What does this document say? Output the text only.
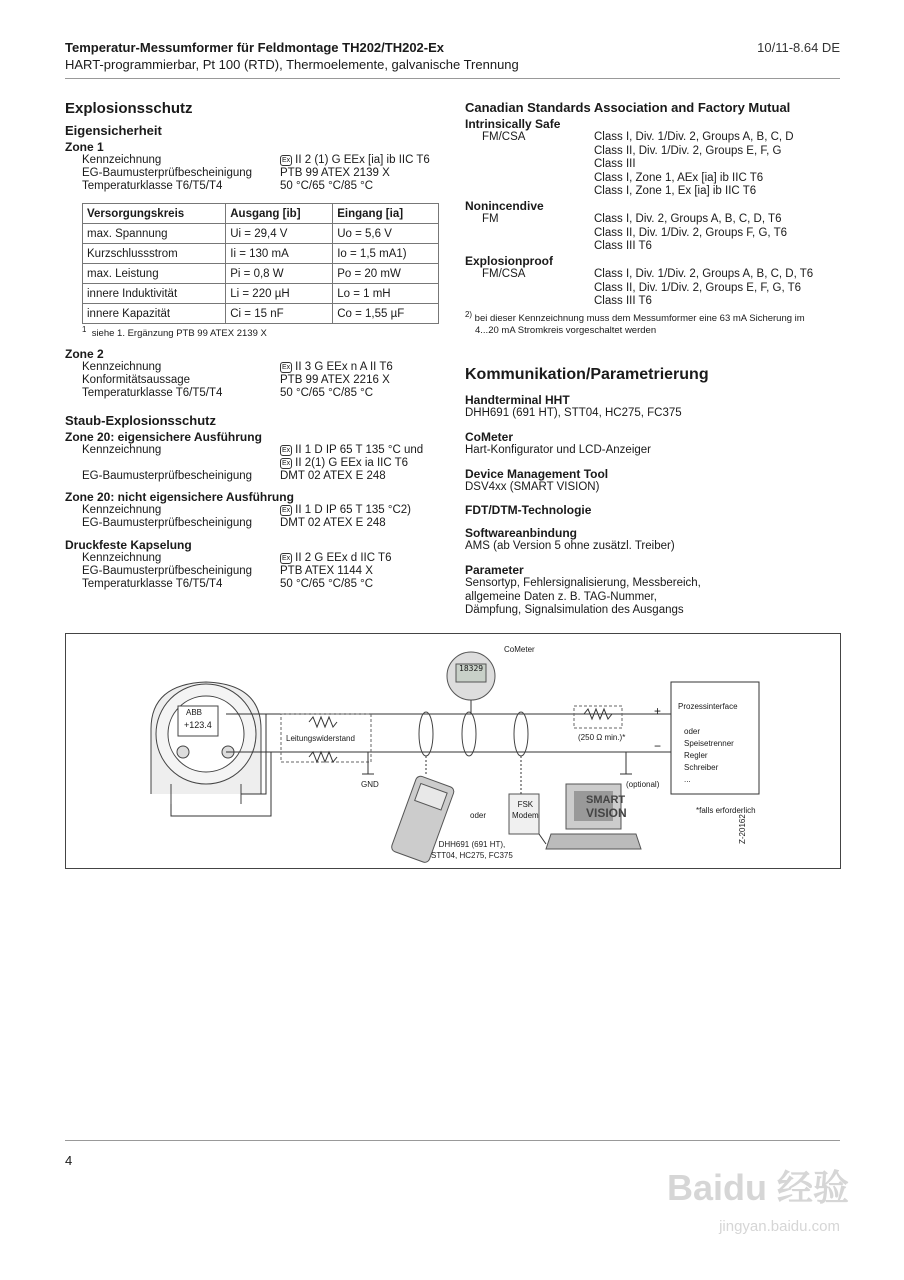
Temperatur-Messumformer für Feldmontage TH202/TH202-Ex
HART-programmierbar, Pt 100 (RTD), Thermoelemente, galvanische Trennung
10/11-8.64 DE
Explosionsschutz
Eigensicherheit
Zone 1
Kennzeichnung	Ex II 2 (1) G EEx [ia] ib IIC T6
EG-Baumusterprüfbescheinigung PTB 99 ATEX 2139 X
Temperaturklasse T6/T5/T4	50 °C/65 °C/85 °C
Versorgungskreis	Ausgang [ib]	Eingang [ia]
max. Spannung	Ui = 29,4 V	Uo = 5,6 V
Kurzschlussstrom	Ii = 130 mA	Io = 1,5 mA1)
max. Leistung	Pi = 0,8 W	Po = 20 mW
innere Induktivität	Li = 220 µH	Lo = 1 mH
innere Kapazität	Ci = 15 nF	Co = 1,55 µF
$^1$ siehe 1. Ergänzung PTB 99 ATEX 2139 X
Zone 2
Kennzeichnung	Ex II 3 G EEx n A II T6
Konformitätsaussage	PTB 99 ATEX 2216 X
Temperaturklasse T6/T5/T4	50 °C/65 °C/85 °C
Staub-Explosionsschutz
Zone 20: eigensichere Ausführung
Kennzeichnung	Ex II 1 D IP 65 T 135 °C und
Ex II 2(1) G EEx ia IIC T6
EG-Baumusterprüfbescheinigung DMT 02 ATEX E 248
Zone 20: nicht eigensichere Ausführung
Kennzeichnung	Ex II 1 D IP 65 T 135 °C2)
EG-Baumusterprüfbescheinigung DMT 02 ATEX E 248
Druckfeste Kapselung
Kennzeichnung	Ex II 2 G EEx d IIC T6
EG-Baumusterprüfbescheinigung PTB ATEX 1144 X
Temperaturklasse T6/T5/T4	50 °C/65 °C/85 °C
Canadian Standards Association and Factory Mutual
Intrinsically Safe
FM/CSA	Class I, Div. 1/Div. 2, Groups A, B, C, D
Class II, Div. 1/Div. 2, Groups E, F, G
Class III
Class I, Zone 1, AEx [ia] ib IIC T6
Class I, Zone 1, Ex [ia] ib IIC T6
Nonincendive
FM	Class I, Div. 2, Groups A, B, C, D, T6
Class II, Div. 1/Div. 2, Groups F, G, T6
Class III T6
Explosionproof
FM/CSA	Class I, Div. 1/Div. 2, Groups A, B, C, D, T6
Class II, Div. 1/Div. 2, Groups E, F, G, T6
Class III T6
$^{2)}$ bei dieser Kennzeichnung muss dem Messumformer eine 63 mA Sicherung im
4...20 mA Stromkreis vorgeschaltet werden
Kommunikation/Parametrierung
Handterminal HHT
DHH691 (691 HT), STT04, HC275, FC375
CoMeter
Hart-Konfigurator und LCD-Anzeiger
Device Management Tool
DSV4xx (SMART VISION)
FDT/DTM-Technologie
Softwareanbindung
AMS (ab Version 5 ohne zusätzl. Treiber)
Parameter
Sensortyp, Fehlersignalisierung, Messbereich,
allgemeine Daten z. B. TAG-Nummer,
Dämpfung, Signalsimulation des Ausgangs
ABB
+123.4
Leitungswiderstand
GND
CoMeter
18329
(250 Ω min.)*
+
−
(optional)
Prozessinterface
oder
Speisetrenner
Regler
Schreiber
...
FSK
Modem
oder
DHH691 (691 HT),
STT04, HC275, FC375
SMART
VISION	*falls erforderlich
Z-20162
4
Baidu 经验
jingyan.baidu.com
